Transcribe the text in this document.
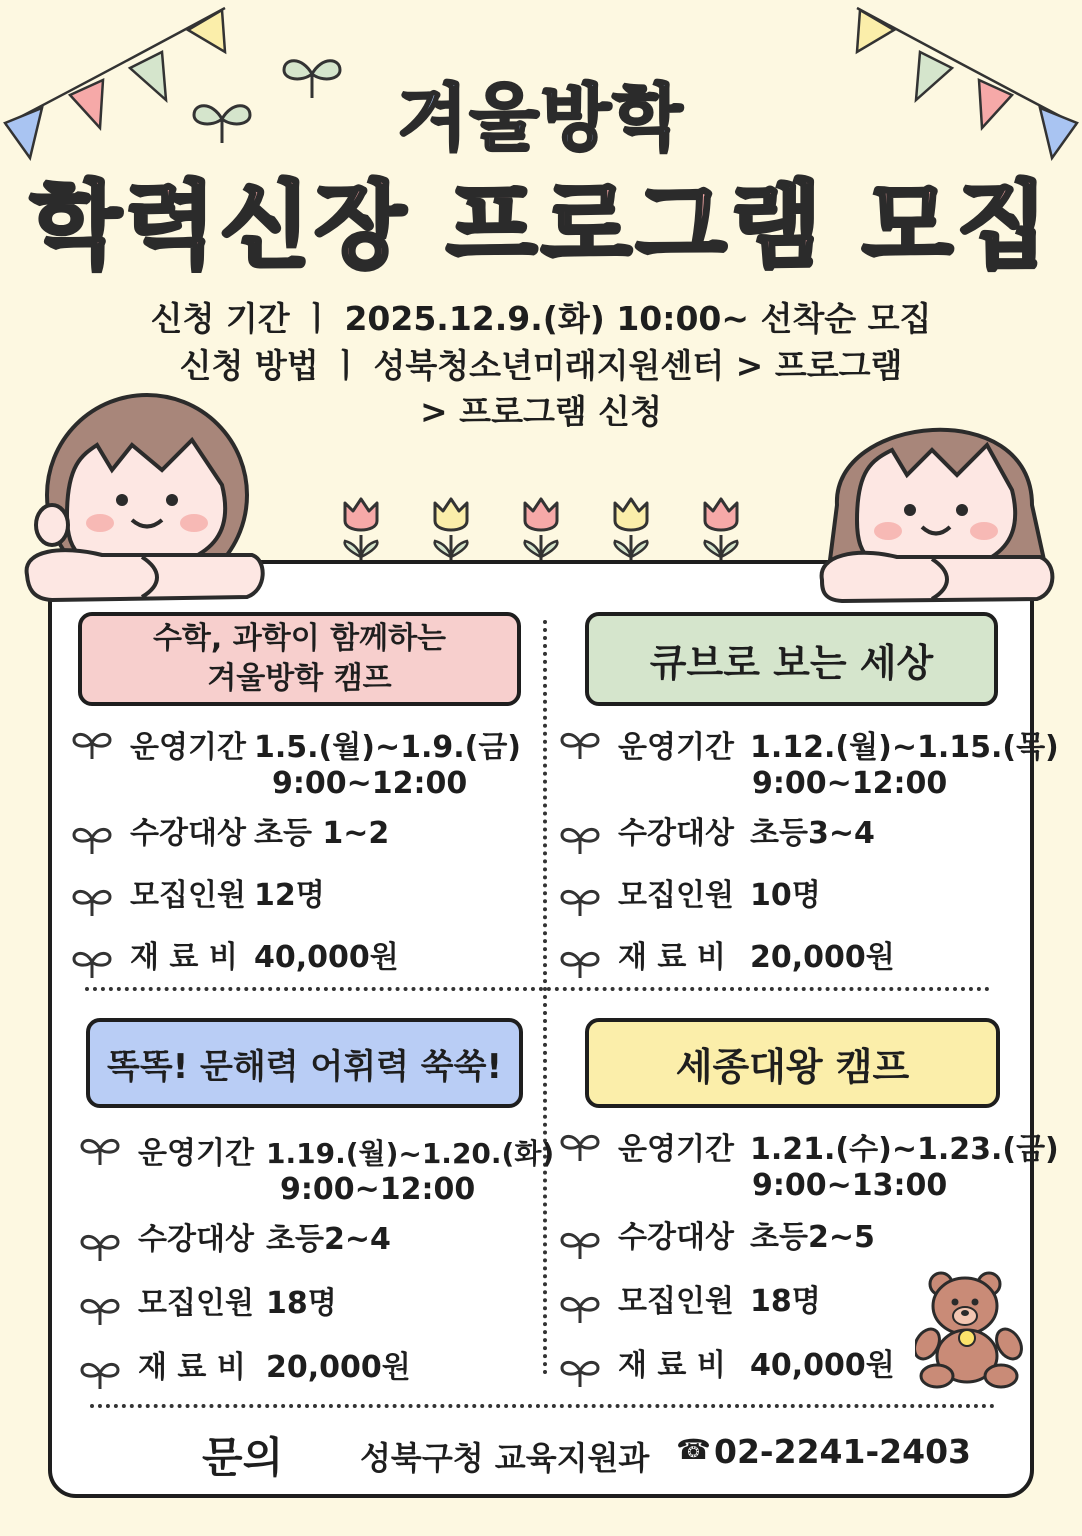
겨울방학
학력신장 프로그램 모집
신청 기간 ㅣ 2025.12.9.(화) 10:00~ 선착순 모집
신청 방법 ㅣ 성북청소년미래지원센터 > 프로그램
> 프로그램 신청
수학, 과학이 함께하는
겨울방학 캠프
운영기간 1.5.(월)~1.9.(금)
9:00~12:00
수강대상 초등 1~2
모집인원 12명
재 료 비 40,000원
큐브로 보는 세상
운영기간 1.12.(월)~1.15.(목)
9:00~12:00
수강대상 초등3~4
모집인원 10명
재 료 비 20,000원
똑똑! 문해력 어휘력 쑥쑥!
운영기간 1.19.(월)~1.20.(화)
9:00~12:00
수강대상 초등2~4
모집인원 18명
재 료 비 20,000원
세종대왕 캠프
운영기간 1.21.(수)~1.23.(금)
9:00~13:00
수강대상 초등2~5
모집인원 18명
재 료 비 40,000원
문의 성북구청 교육지원과 ☎ 02-2241-2403
